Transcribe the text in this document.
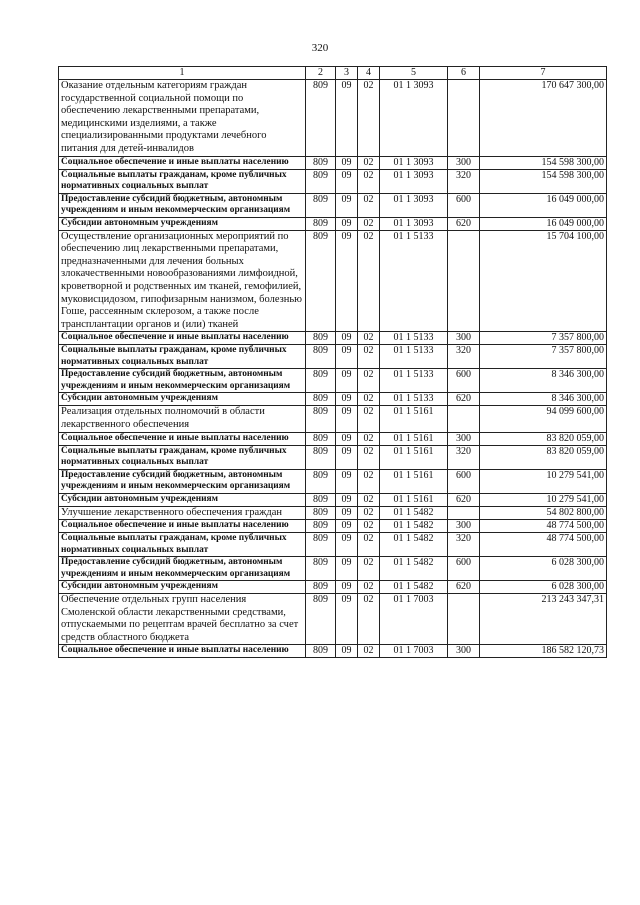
320
1	2	3	4	5	6	7
Оказание отдельным категориям граждан государственной социальной помощи по обеспечению лекарственными препаратами, медицинскими изделиями, а также специализированными продуктами лечебного питания для детей-инвалидов	809	09	02	01 1 3093		170 647 300,00
Социальное обеспечение и иные выплаты населению	809	09	02	01 1 3093	300	154 598 300,00
Социальные выплаты гражданам, кроме публичных нормативных социальных выплат	809	09	02	01 1 3093	320	154 598 300,00
Предоставление субсидий бюджетным, автономным учреждениям и иным некоммерческим организациям	809	09	02	01 1 3093	600	16 049 000,00
Субсидии автономным учреждениям	809	09	02	01 1 3093	620	16 049 000,00
Осуществление организационных мероприятий по обеспечению лиц лекарственными препаратами, предназначенными для лечения больных злокачественными новообразованиями лимфоидной, кроветворной и родственных им тканей, гемофилией, муковисцидозом, гипофизарным нанизмом, болезнью Гоше, рассеянным склерозом, а также после трансплантации органов и (или) тканей	809	09	02	01 1 5133		15 704 100,00
Социальное обеспечение и иные выплаты населению	809	09	02	01 1 5133	300	7 357 800,00
Социальные выплаты гражданам, кроме публичных нормативных социальных выплат	809	09	02	01 1 5133	320	7 357 800,00
Предоставление субсидий бюджетным, автономным учреждениям и иным некоммерческим организациям	809	09	02	01 1 5133	600	8 346 300,00
Субсидии автономным учреждениям	809	09	02	01 1 5133	620	8 346 300,00
Реализация отдельных полномочий в области лекарственного обеспечения	809	09	02	01 1 5161		94 099 600,00
Социальное обеспечение и иные выплаты населению	809	09	02	01 1 5161	300	83 820 059,00
Социальные выплаты гражданам, кроме публичных нормативных социальных выплат	809	09	02	01 1 5161	320	83 820 059,00
Предоставление субсидий бюджетным, автономным учреждениям и иным некоммерческим организациям	809	09	02	01 1 5161	600	10 279 541,00
Субсидии автономным учреждениям	809	09	02	01 1 5161	620	10 279 541,00
Улучшение лекарственного обеспечения граждан	809	09	02	01 1 5482		54 802 800,00
Социальное обеспечение и иные выплаты населению	809	09	02	01 1 5482	300	48 774 500,00
Социальные выплаты гражданам, кроме публичных нормативных социальных выплат	809	09	02	01 1 5482	320	48 774 500,00
Предоставление субсидий бюджетным, автономным учреждениям и иным некоммерческим организациям	809	09	02	01 1 5482	600	6 028 300,00
Субсидии автономным учреждениям	809	09	02	01 1 5482	620	6 028 300,00
Обеспечение отдельных групп населения Смоленской области лекарственными средствами, отпускаемыми по рецептам врачей бесплатно за счет средств областного бюджета	809	09	02	01 1 7003		213 243 347,31
Социальное обеспечение и иные выплаты населению	809	09	02	01 1 7003	300	186 582 120,73
